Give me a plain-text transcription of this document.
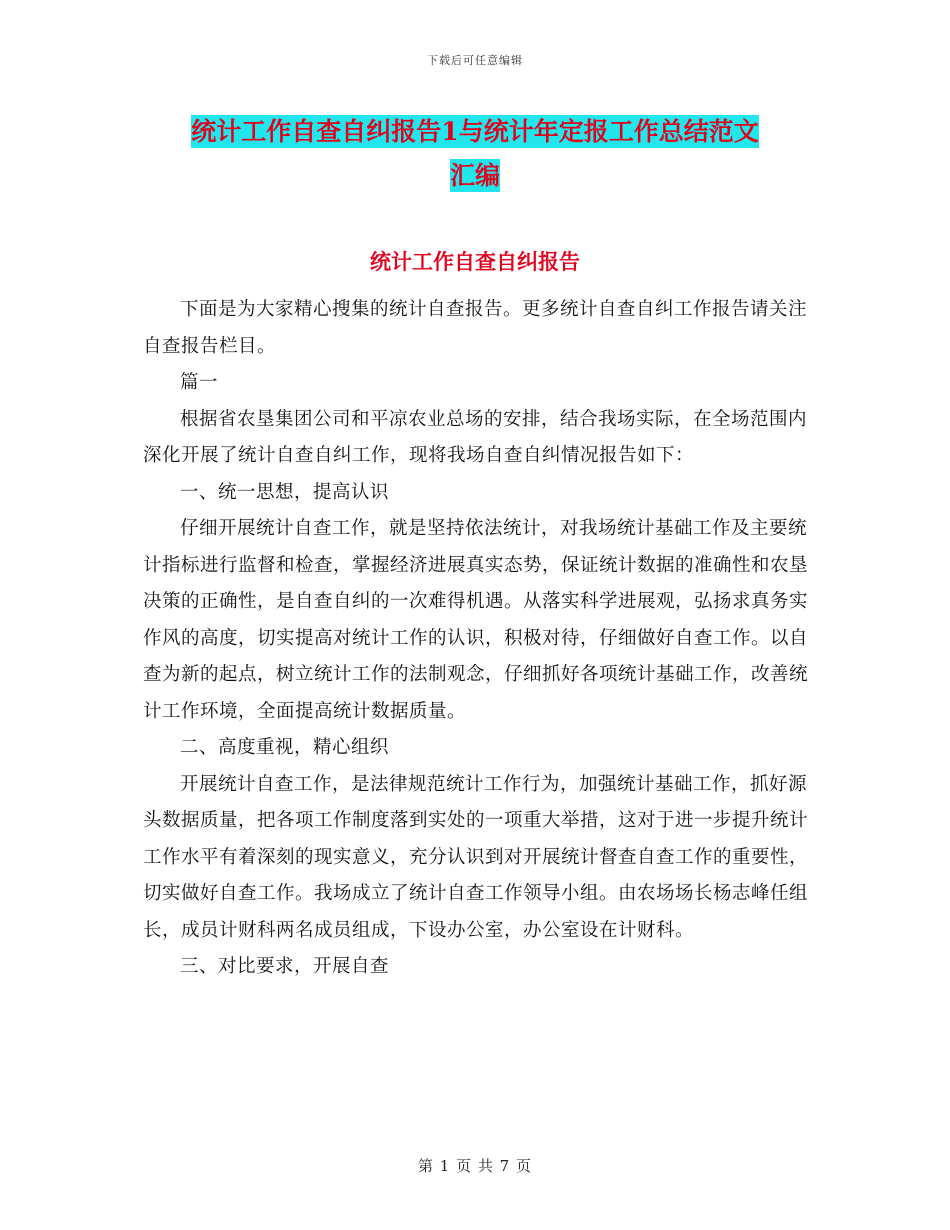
下载后可任意编辑
统计工作自查自纠报告1与统计年定报工作总结范文
汇编
统计工作自查自纠报告

下面是为大家精心搜集的统计自查报告。更多统计自查自纠工作报告请关注自查报告栏目。

篇一

根据省农垦集团公司和平凉农业总场的安排，结合我场实际，在全场范围内深化开展了统计自查自纠工作，现将我场自查自纠情况报告如下：

一、统一思想，提高认识

仔细开展统计自查工作，就是坚持依法统计，对我场统计基础工作及主要统计指标进行监督和检查，掌握经济进展真实态势，保证统计数据的准确性和农垦决策的正确性，是自查自纠的一次难得机遇。从落实科学进展观，弘扬求真务实作风的高度，切实提高对统计工作的认识，积极对待，仔细做好自查工作。以自查为新的起点，树立统计工作的法制观念，仔细抓好各项统计基础工作，改善统计工作环境，全面提高统计数据质量。

二、高度重视，精心组织

开展统计自查工作，是法律规范统计工作行为，加强统计基础工作，抓好源头数据质量，把各项工作制度落到实处的一项重大举措，这对于进一步提升统计工作水平有着深刻的现实意义，充分认识到对开展统计督查自查工作的重要性，切实做好自查工作。我场成立了统计自查工作领导小组。由农场场长杨志峰任组长，成员计财科两名成员组成，下设办公室，办公室设在计财科。

三、对比要求，开展自查

第 1 页 共 7 页
